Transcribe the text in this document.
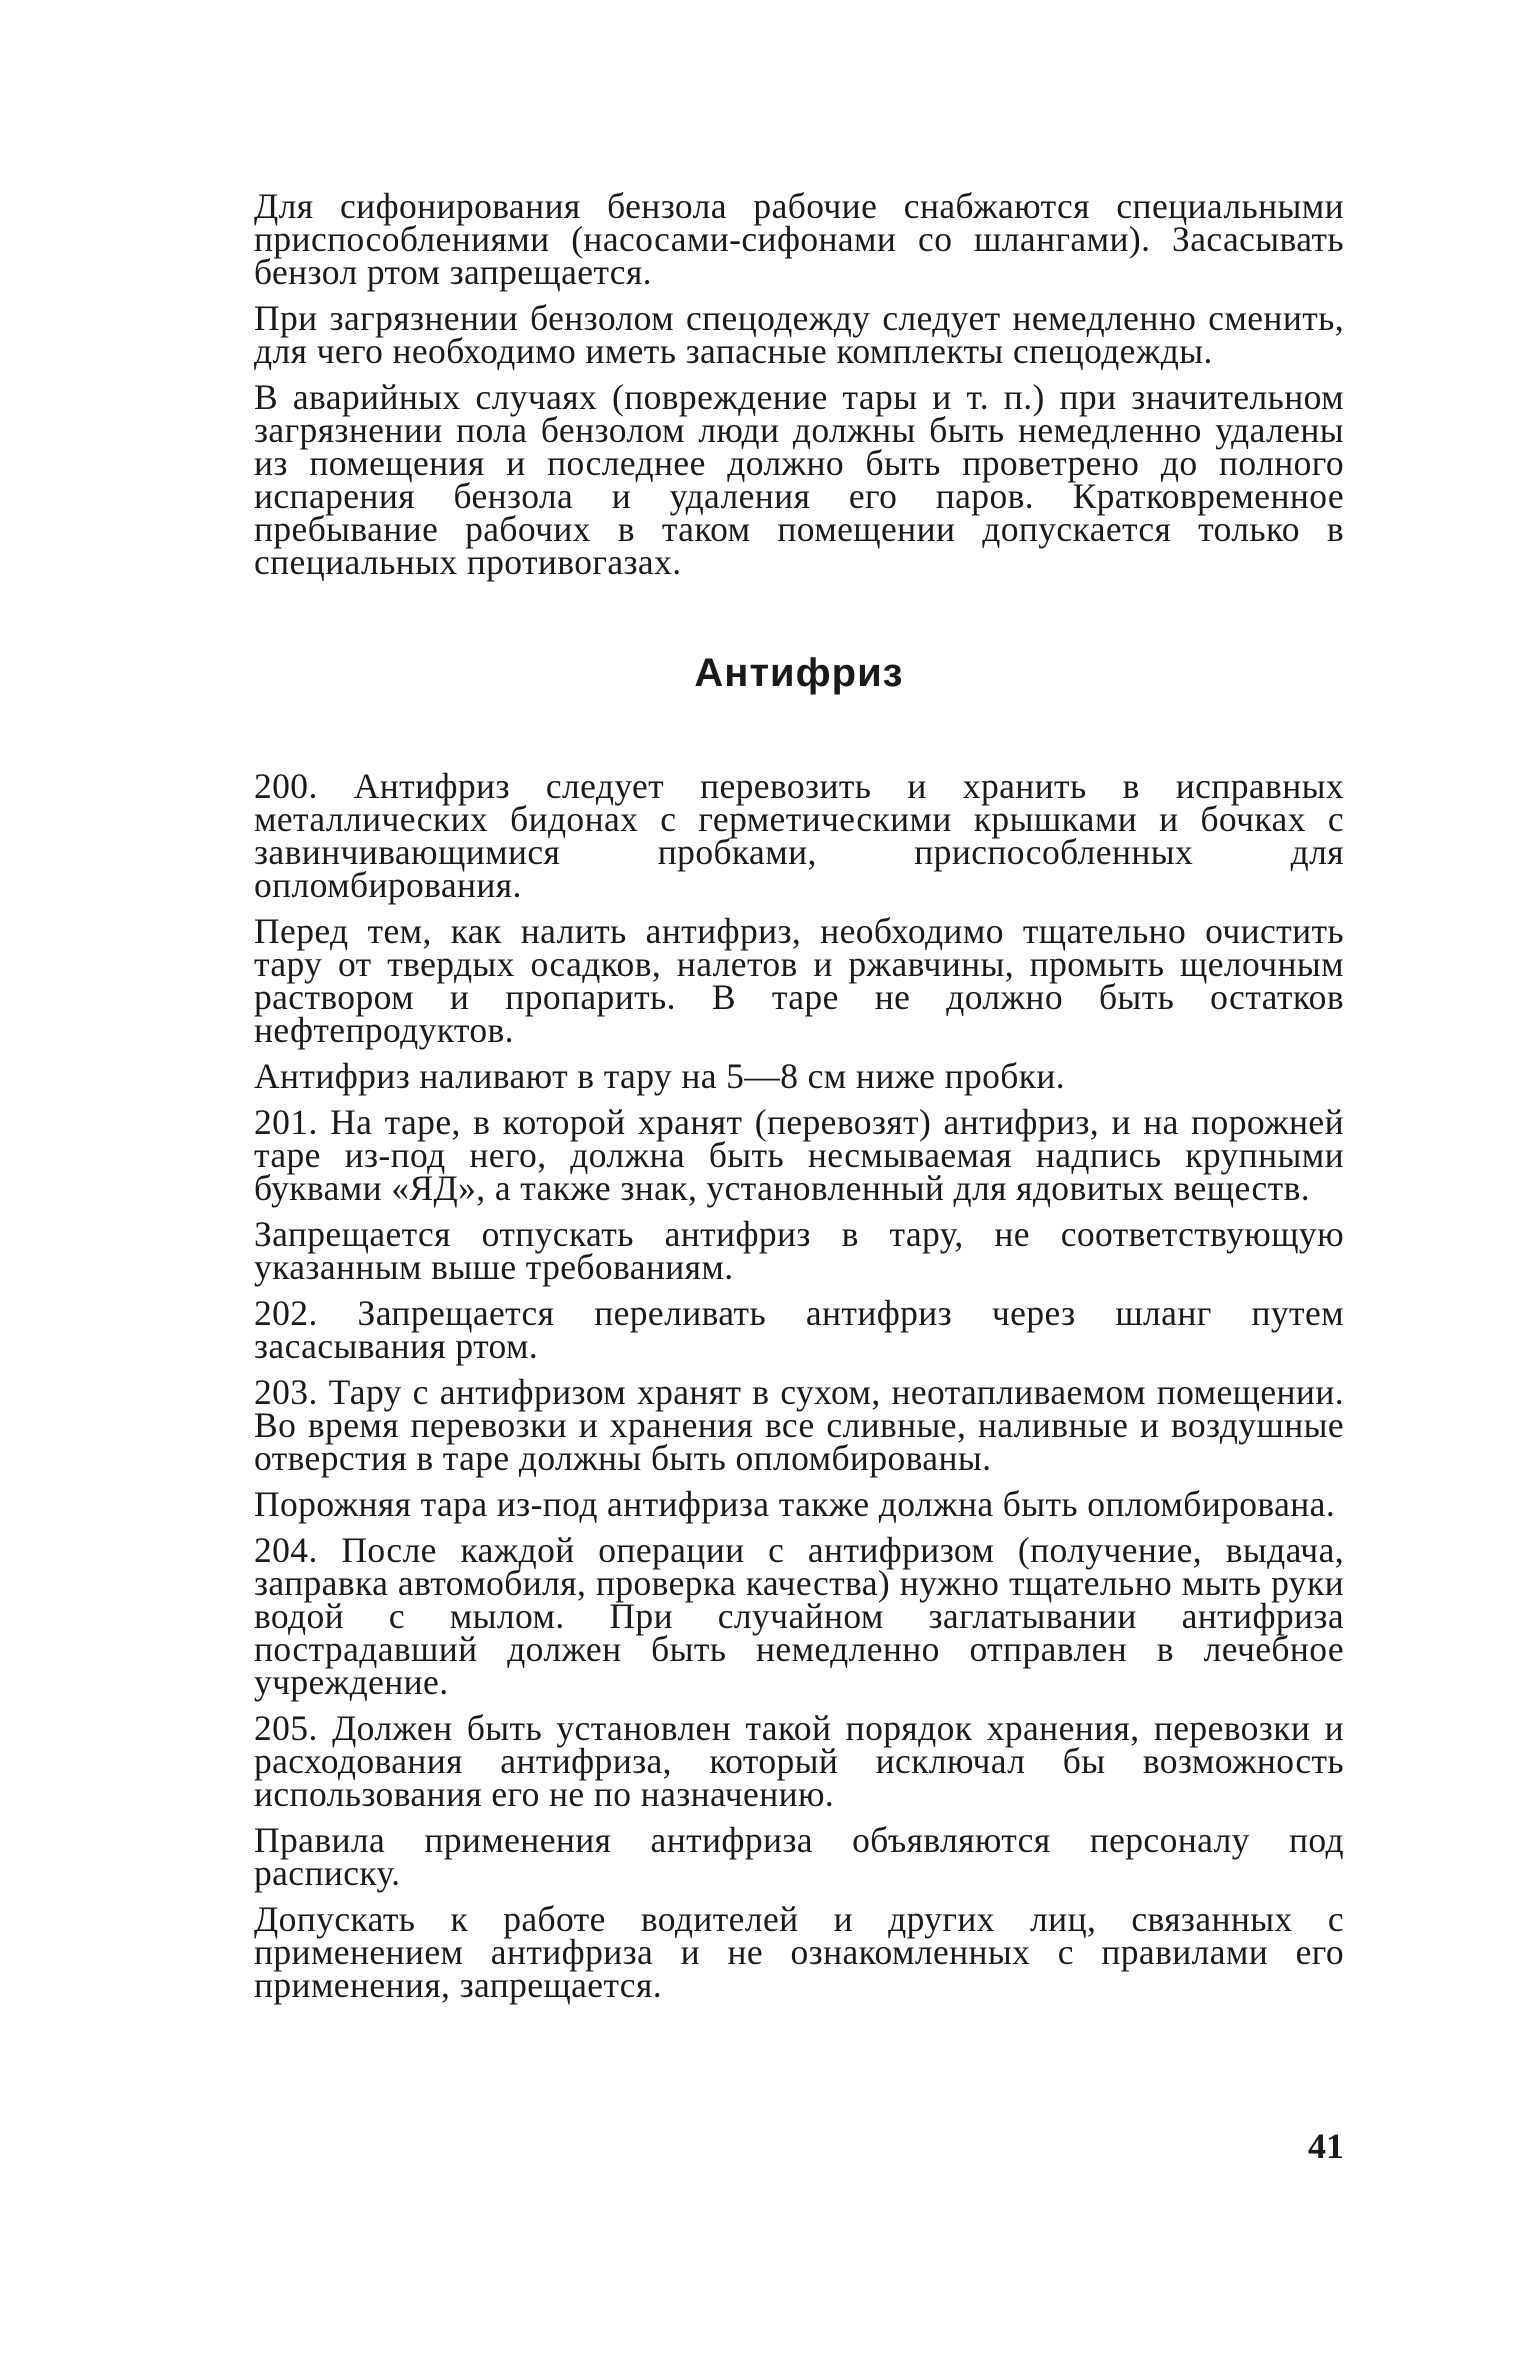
Для сифонирования бензола рабочие снабжаются специальными приспособлениями (насосами-сифонами со шлангами). Засасывать бензол ртом запрещается.

При загрязнении бензолом спецодежду следует немедленно сменить, для чего необходимо иметь запасные комплекты спецодежды.

В аварийных случаях (повреждение тары и т. п.) при значительном загрязнении пола бензолом люди должны быть немедленно удалены из помещения и последнее должно быть проветрено до полного испарения бензола и удаления его паров. Кратковременное пребывание рабочих в таком помещении допускается только в специальных противогазах.

Антифриз

200. Антифриз следует перевозить и хранить в исправных металлических бидонах с герметическими крышками и бочках с завинчивающимися пробками, приспособленных для опломбирования.

Перед тем, как налить антифриз, необходимо тщательно очистить тару от твердых осадков, налетов и ржавчины, промыть щелочным раствором и пропарить. В таре не должно быть остатков нефтепродуктов.

Антифриз наливают в тару на 5—8 см ниже пробки.

201. На таре, в которой хранят (перевозят) антифриз, и на порожней таре из-под него, должна быть несмываемая надпись крупными буквами «ЯД», а также знак, установленный для ядовитых веществ.

Запрещается отпускать антифриз в тару, не соответствующую указанным выше требованиям.

202. Запрещается переливать антифриз через шланг путем засасывания ртом.

203. Тару с антифризом хранят в сухом, неотапливаемом помещении. Во время перевозки и хранения все сливные, наливные и воздушные отверстия в таре должны быть опломбированы.

Порожняя тара из-под антифриза также должна быть опломбирована.

204. После каждой операции с антифризом (получение, выдача, заправка автомобиля, проверка качества) нужно тщательно мыть руки водой с мылом. При случайном заглатывании антифриза пострадавший должен быть немедленно отправлен в лечебное учреждение.

205. Должен быть установлен такой порядок хранения, перевозки и расходования антифриза, который исключал бы возможность использования его не по назначению.

Правила применения антифриза объявляются персоналу под расписку.

Допускать к работе водителей и других лиц, связанных с применением антифриза и не ознакомленных с правилами его применения, запрещается.

41
